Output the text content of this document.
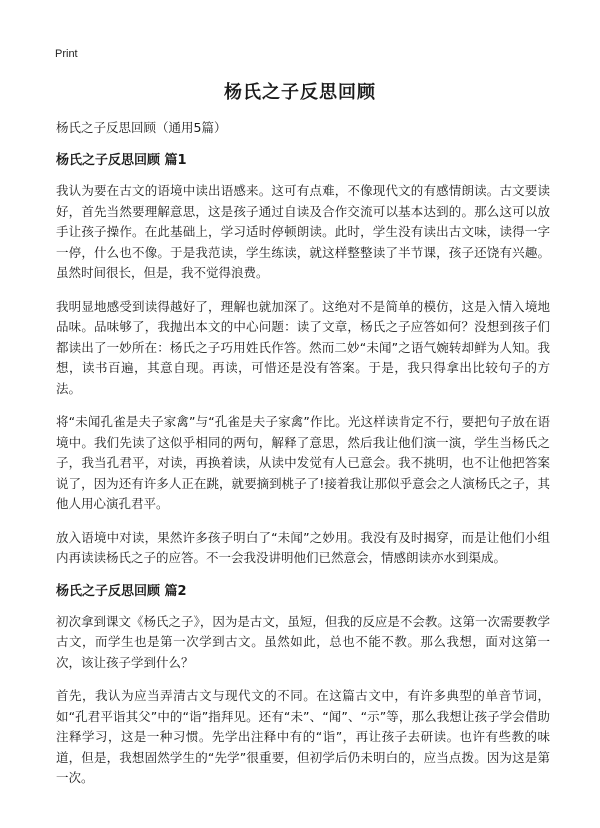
Print
杨氏之子反思回顾
杨氏之子反思回顾（通用5篇）
杨氏之子反思回顾 篇1

我认为要在古文的语境中读出语感来。这可有点难，不像现代文的有感情朗读。古文要读好，首先当然要理解意思，这是孩子通过自读及合作交流可以基本达到的。那么这可以放手让孩子操作。在此基础上，学习适时停顿朗读。此时，学生没有读出古文味，读得一字一停，什么也不像。于是我范读，学生练读，就这样整整读了半节课，孩子还饶有兴趣。虽然时间很长，但是，我不觉得浪费。

我明显地感受到读得越好了，理解也就加深了。这绝对不是简单的模仿，这是入情入境地品味。品味够了，我抛出本文的中心问题：读了文章，杨氏之子应答如何？没想到孩子们都读出了一妙所在：杨氏之子巧用姓氏作答。然而二妙“未闻”之语气婉转却鲜为人知。我想，读书百遍，其意自现。再读，可惜还是没有答案。于是，我只得拿出比较句子的方法。

将“未闻孔雀是夫子家禽”与“孔雀是夫子家禽”作比。光这样读肯定不行，要把句子放在语境中。我们先读了这似乎相同的两句，解释了意思，然后我让他们演一演，学生当杨氏之子，我当孔君平，对读，再换着读，从读中发觉有人已意会。我不挑明，也不让他把答案说了，因为还有许多人正在跳，就要摘到桃子了!接着我让那似乎意会之人演杨氏之子，其他人用心演孔君平。

放入语境中对读，果然许多孩子明白了“未闻”之妙用。我没有及时揭穿，而是让他们小组内再读读杨氏之子的应答。不一会我没讲明他们已然意会，情感朗读亦水到渠成。

杨氏之子反思回顾 篇2

初次拿到课文《杨氏之子》，因为是古文，虽短，但我的反应是不会教。这第一次需要教学古文，而学生也是第一次学到古文。虽然如此，总也不能不教。那么我想，面对这第一次，该让孩子学到什么？

首先，我认为应当弄清古文与现代文的不同。在这篇古文中，有许多典型的单音节词，如“孔君平诣其父”中的“诣”指拜见。还有“未”、“闻”、“示”等，那么我想让孩子学会借助注释学习，这是一种习惯。先学出注释中有的“诣”，再让孩子去研读。也许有些教的味道，但是，我想固然学生的“先学”很重要，但初学后仍未明白的，应当点拨。因为这是第一次。
